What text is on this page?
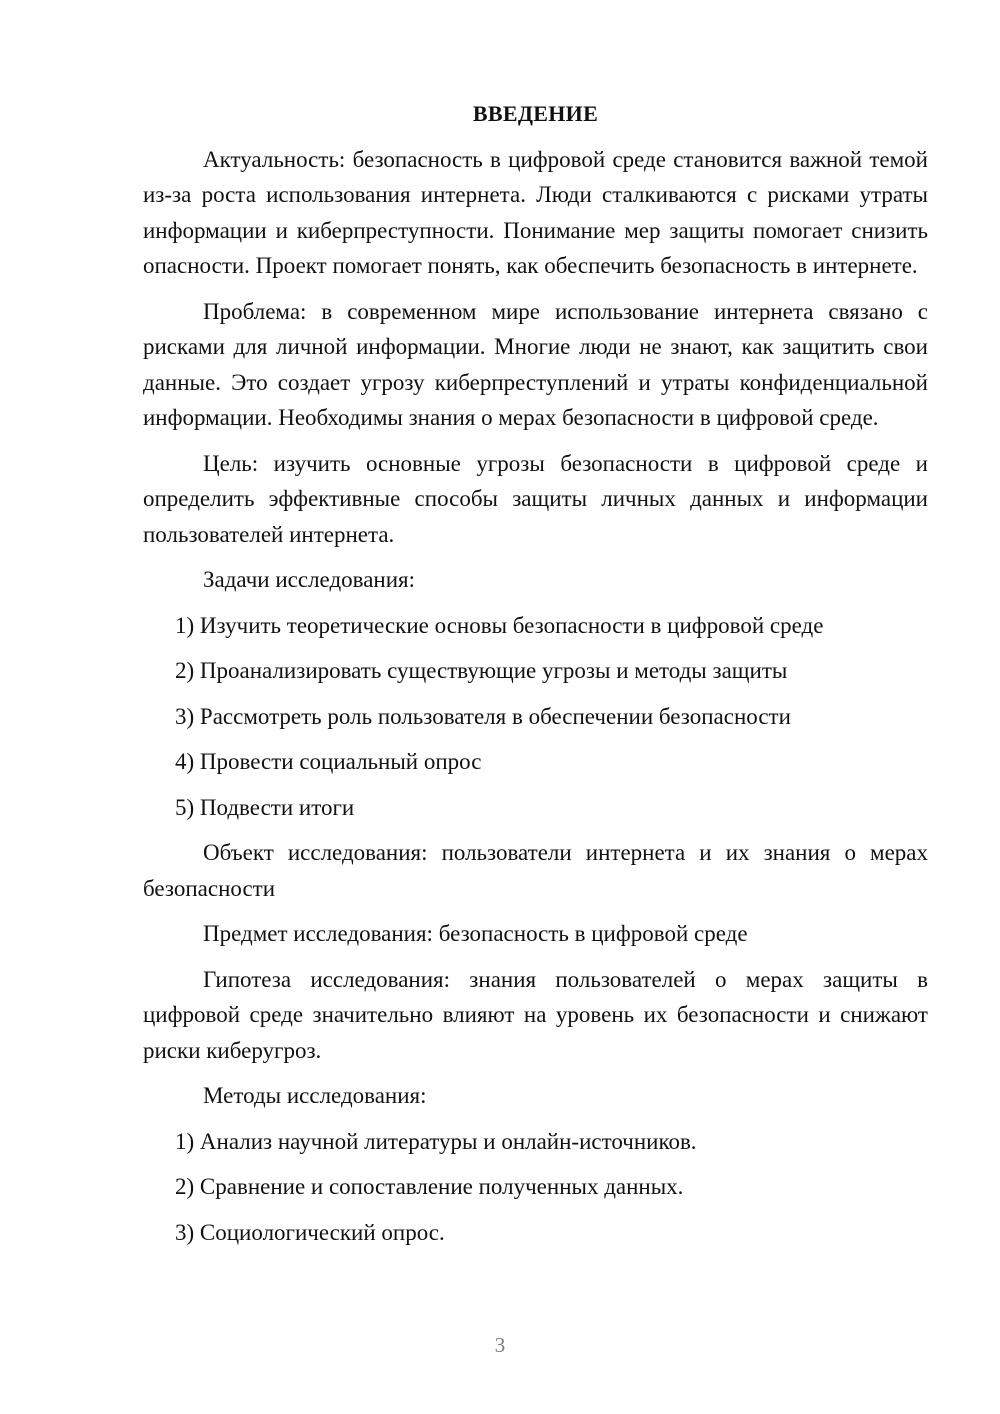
ВВЕДЕНИЕ

Актуальность: безопасность в цифровой среде становится важной темой из-за роста использования интернета. Люди сталкиваются с рисками утраты информации и киберпреступности. Понимание мер защиты помогает снизить опасности. Проект помогает понять, как обеспечить безопасность в интернете.

Проблема: в современном мире использование интернета связано с рисками для личной информации. Многие люди не знают, как защитить свои данные. Это создает угрозу киберпреступлений и утраты конфиденциальной информации. Необходимы знания о мерах безопасности в цифровой среде.

Цель: изучить основные угрозы безопасности в цифровой среде и определить эффективные способы защиты личных данных и информации пользователей интернета.

Задачи исследования:

1) Изучить теоретические основы безопасности в цифровой среде
2) Проанализировать существующие угрозы и методы защиты
3) Рассмотреть роль пользователя в обеспечении безопасности
4) Провести социальный опрос
5) Подвести итоги

Объект исследования: пользователи интернета и их знания о мерах безопасности

Предмет исследования: безопасность в цифровой среде

Гипотеза исследования: знания пользователей о мерах защиты в цифровой среде значительно влияют на уровень их безопасности и снижают риски киберугроз.

Методы исследования:

1) Анализ научной литературы и онлайн-источников.
2) Сравнение и сопоставление полученных данных.
3) Социологический опрос.
3
